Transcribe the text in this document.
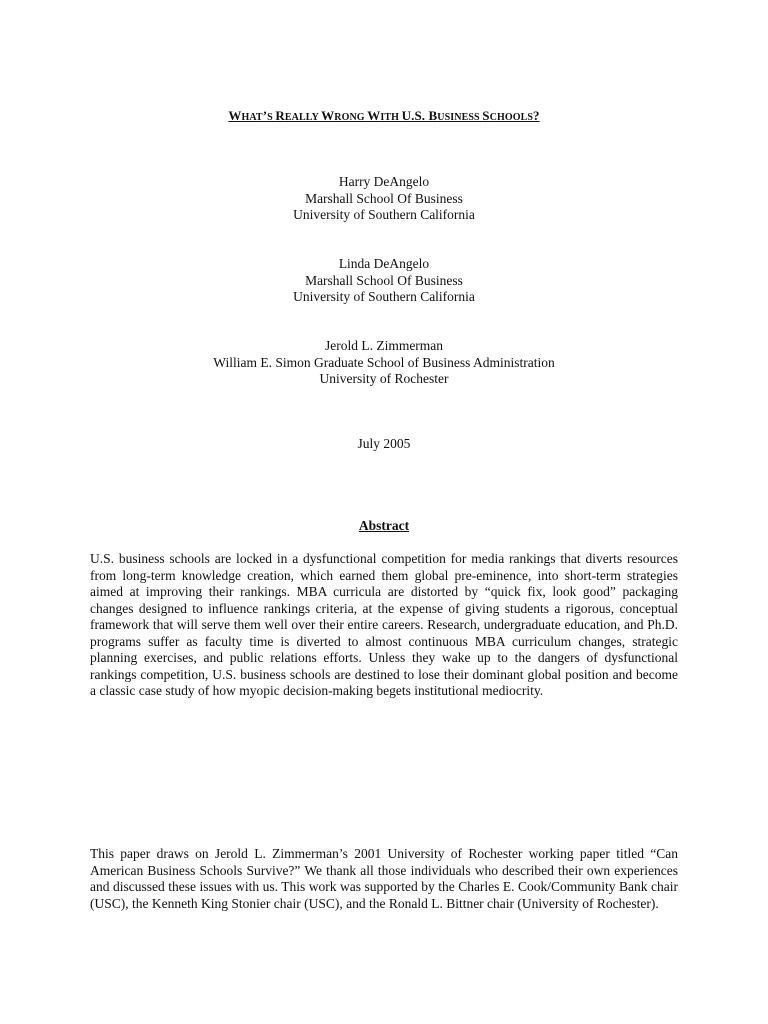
WHAT’S REALLY WRONG WITH U.S. BUSINESS SCHOOLS?
Harry DeAngelo
Marshall School Of Business
University of Southern California
Linda DeAngelo
Marshall School Of Business
University of Southern California
Jerold L. Zimmerman
William E. Simon Graduate School of Business Administration
University of Rochester
July 2005
Abstract
U.S. business schools are locked in a dysfunctional competition for media rankings that diverts resources from long-term knowledge creation, which earned them global pre-eminence, into short-term strategies aimed at improving their rankings. MBA curricula are distorted by “quick fix, look good” packaging changes designed to influence rankings criteria, at the expense of giving students a rigorous, conceptual framework that will serve them well over their entire careers. Research, undergraduate education, and Ph.D. programs suffer as faculty time is diverted to almost continuous MBA curriculum changes, strategic planning exercises, and public relations efforts. Unless they wake up to the dangers of dysfunctional rankings competition, U.S. business schools are destined to lose their dominant global position and become a classic case study of how myopic decision-making begets institutional mediocrity.
This paper draws on Jerold L. Zimmerman’s 2001 University of Rochester working paper titled “Can American Business Schools Survive?” We thank all those individuals who described their own experiences and discussed these issues with us. This work was supported by the Charles E. Cook/Community Bank chair (USC), the Kenneth King Stonier chair (USC), and the Ronald L. Bittner chair (University of Rochester).
